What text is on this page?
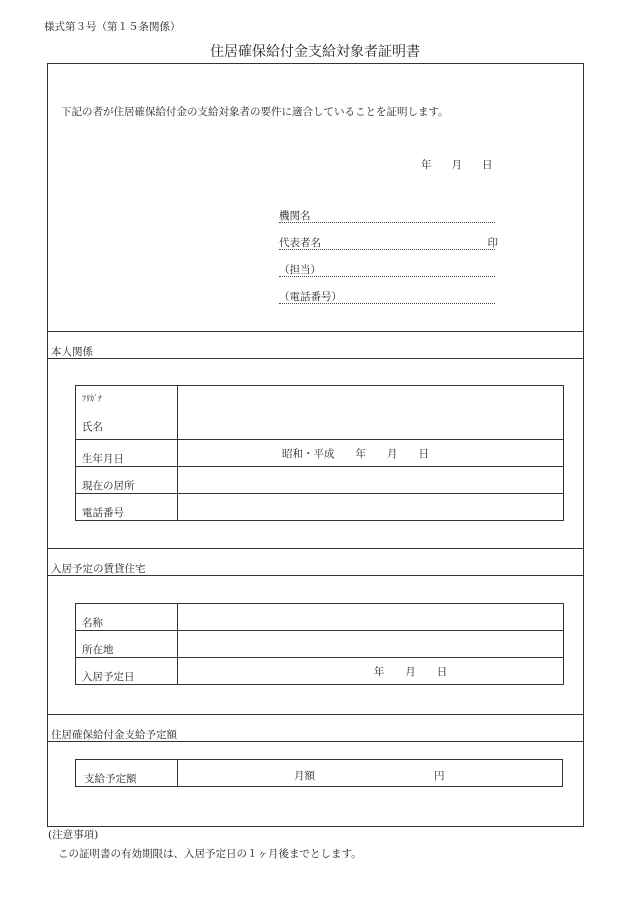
様式第３号（第１５条関係）
住居確保給付金支給対象者証明書
下記の者が住居確保給付金の支給対象者の要件に適合していることを証明します。
年 月 日
機関名
代表者名	印
（担当）
（電話番号）
本人関係
ﾌﾘｶﾞﾅ
氏名	

生年月日	昭和・平成　　年　　月　　日
現在の居所	
電話番号	
入居予定の賃貸住宅
名称	
所在地	
入居予定日	年　　月　　日
住居確保給付金支給予定額
支給予定額	月額	円
(注意事項)
この証明書の有効期限は、入居予定日の１ヶ月後までとします。
